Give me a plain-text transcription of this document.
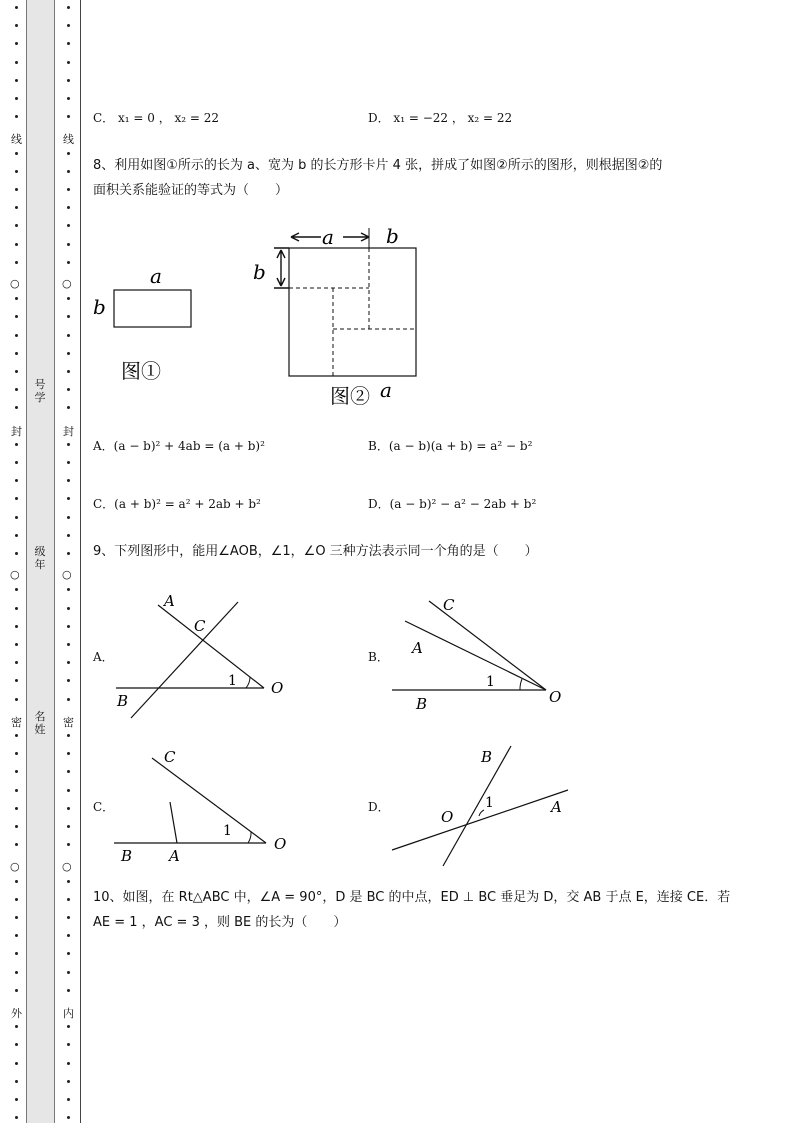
线
○
封
○
密
○
外
线
○
封
○
密
○
内
号学
级年
名姓
C． x₁ = 0 ， x₂ = 22	D． x₁ = −22 ， x₂ = 22
8、利用如图①所示的长为 a、宽为 b 的长方形卡片 4 张，拼成了如图②所示的图形，则根据图②的
面积关系能验证的等式为（　　）
a
b
图①
a	b
b
图② a
A．(a − b)² + 4ab = (a + b)²	B．(a − b)(a + b) = a² − b²
C．(a + b)² = a² + 2ab + b²	D．(a − b)² − a² − 2ab + b²
9、下列图形中，能用∠AOB，∠1，∠O 三种方法表示同一个角的是（　　）
A．
A
C
B
1 O
B．
C
A
B
1
O
C．
C
B A
1
O
D．
B
A
1
O
10、如图，在 Rt△ABC 中，∠A = 90°，D 是 BC 的中点，ED ⊥ BC 垂足为 D，交 AB 于点 E，连接 CE．若
AE = 1 ，AC = 3 ，则 BE 的长为（　　）
